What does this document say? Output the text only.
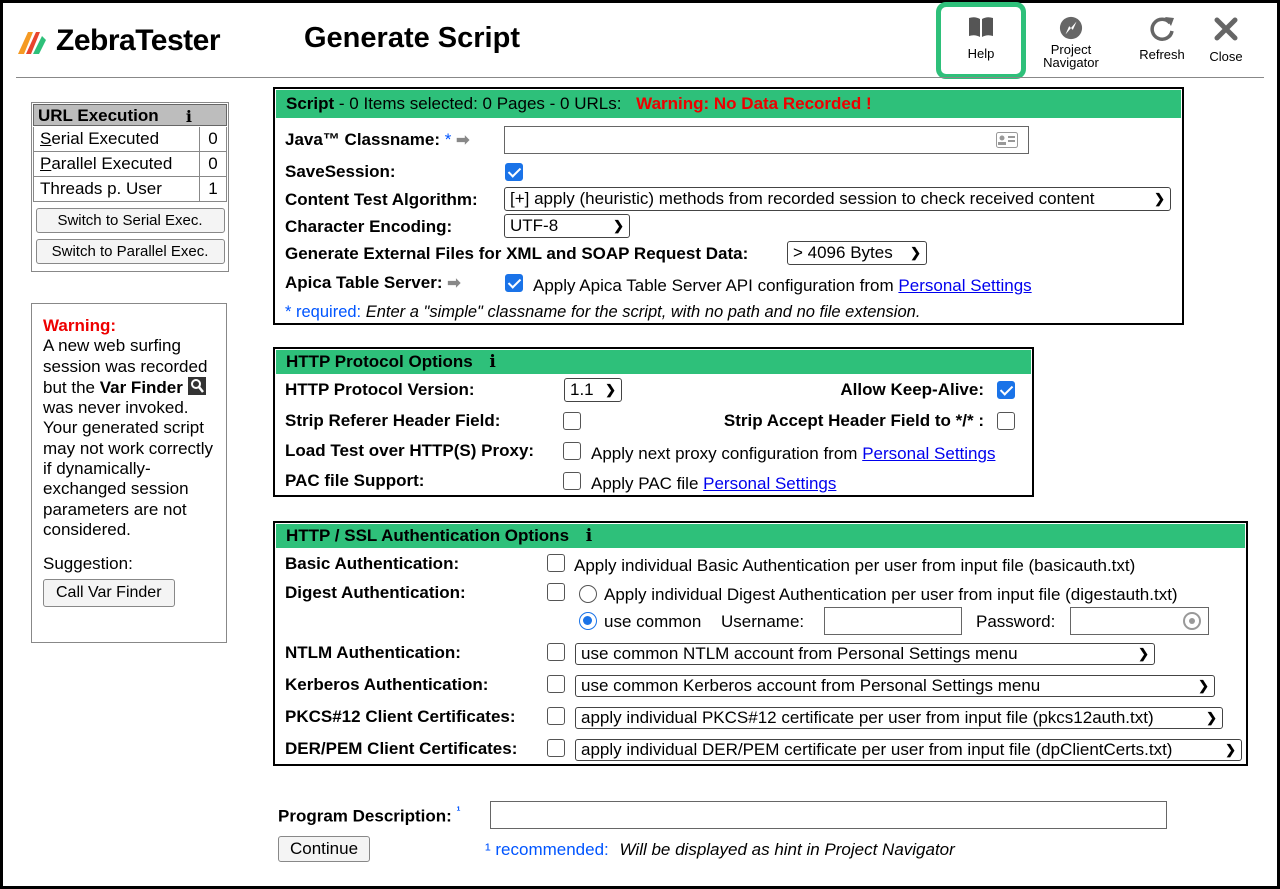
ZebraTester	Generate Script	Help	Project
Navigator
Refresh	Close
URL Execution i
Serial Executed	0
Parallel Executed	0
Threads p. User	1
Switch to Serial Exec.
Switch to Parallel Exec.
Warning:
A new web surfing session was recorded but the Var Finder  was never invoked. Your generated script may not work correctly if dynamically-exchanged session parameters are not considered.
Suggestion:
Call Var Finder
Script - 0 Items selected: 0 Pages - 0 URLs: Warning: No Data Recorded !
Java™ Classname: * ➡
SaveSession:
Content Test Algorithm:	[+] apply (heuristic) methods from recorded session to check received content	❯
Character Encoding:	UTF-8	❯
Generate External Files for XML and SOAP Request Data:	> 4096 Bytes ❯
Apica Table Server: ➡	Apply Apica Table Server API configuration from Personal Settings
* required: Enter a "simple" classname for the script, with no path and no file extension.
HTTP Protocol Options i
HTTP Protocol Version:	1.1 ❯	Allow Keep-Alive:
Strip Referer Header Field:	Strip Accept Header Field to */* :
Load Test over HTTP(S) Proxy:	Apply next proxy configuration from Personal Settings
PAC file Support:	Apply PAC file Personal Settings
HTTP / SSL Authentication Options i
Basic Authentication:	Apply individual Basic Authentication per user from input file (basicauth.txt)
Digest Authentication:	Apply individual Digest Authentication per user from input file (digestauth.txt)
use common Username:	Password:
NTLM Authentication:	use common NTLM account from Personal Settings menu	❯
Kerberos Authentication:	use common Kerberos account from Personal Settings menu	❯
PKCS#12 Client Certificates:	apply individual PKCS#12 certificate per user from input file (pkcs12auth.txt)	❯
DER/PEM Client Certificates:	apply individual DER/PEM certificate per user from input file (dpClientCerts.txt)	❯
Program Description: $^{^1}$
Continue	¹ recommended: Will be displayed as hint in Project Navigator
